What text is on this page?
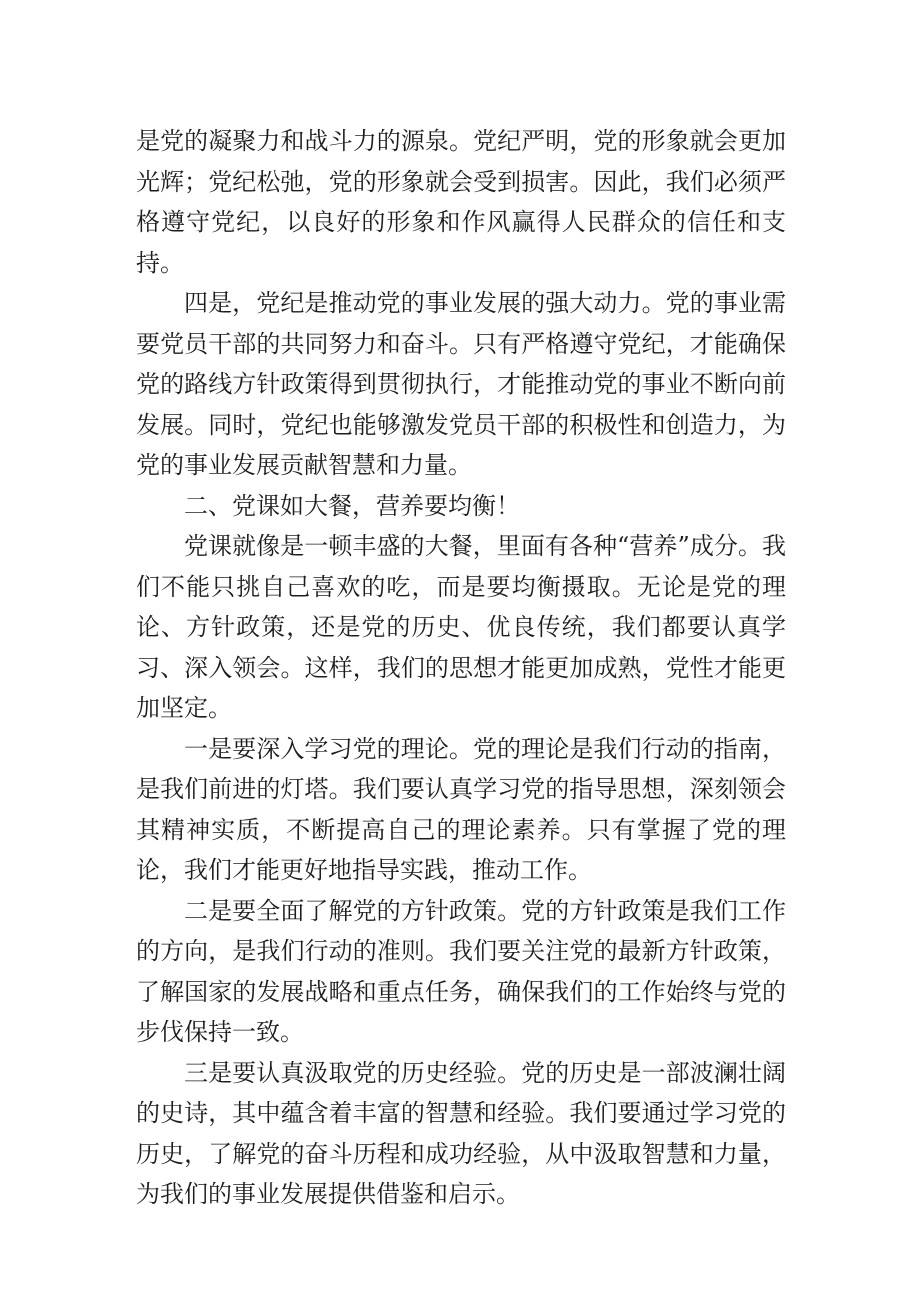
是党的凝聚力和战斗力的源泉。党纪严明，党的形象就会更加光辉；党纪松弛，党的形象就会受到损害。因此，我们必须严格遵守党纪，以良好的形象和作风赢得人民群众的信任和支持。

四是，党纪是推动党的事业发展的强大动力。党的事业需要党员干部的共同努力和奋斗。只有严格遵守党纪，才能确保党的路线方针政策得到贯彻执行，才能推动党的事业不断向前发展。同时，党纪也能够激发党员干部的积极性和创造力，为党的事业发展贡献智慧和力量。

二、党课如大餐，营养要均衡！

党课就像是一顿丰盛的大餐，里面有各种“营养”成分。我们不能只挑自己喜欢的吃，而是要均衡摄取。无论是党的理论、方针政策，还是党的历史、优良传统，我们都要认真学习、深入领会。这样，我们的思想才能更加成熟，党性才能更加坚定。

一是要深入学习党的理论。党的理论是我们行动的指南，是我们前进的灯塔。我们要认真学习党的指导思想，深刻领会其精神实质，不断提高自己的理论素养。只有掌握了党的理论，我们才能更好地指导实践，推动工作。

二是要全面了解党的方针政策。党的方针政策是我们工作的方向，是我们行动的准则。我们要关注党的最新方针政策，了解国家的发展战略和重点任务，确保我们的工作始终与党的步伐保持一致。

三是要认真汲取党的历史经验。党的历史是一部波澜壮阔的史诗，其中蕴含着丰富的智慧和经验。我们要通过学习党的历史，了解党的奋斗历程和成功经验，从中汲取智慧和力量，为我们的事业发展提供借鉴和启示。
